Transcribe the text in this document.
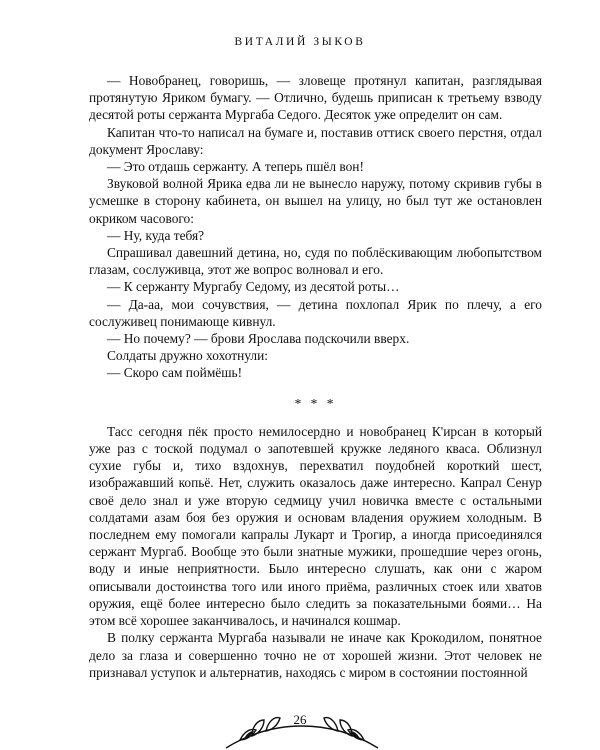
ВИТАЛИЙ ЗЫКОВ

— Новобранец, говоришь, — зловеще протянул капитан, разглядывая протянутую Яриком бумагу. — Отлично, будешь приписан к третьему взводу десятой роты сержанта Мургаба Седого. Десяток уже определит он сам.

Капитан что-то написал на бумаге и, поставив оттиск своего перстня, отдал документ Ярославу:

— Это отдашь сержанту. А теперь пшёл вон!

Звуковой волной Ярика едва ли не вынесло наружу, потому скривив губы в усмешке в сторону кабинета, он вышел на улицу, но был тут же остановлен окриком часового:

— Ну, куда тебя?

Спрашивал давешний детина, но, судя по поблёскивающим любопытством глазам, сослуживца, этот же вопрос волновал и его.

— К сержанту Мургабу Седому, из десятой роты…

— Да-аа, мои сочувствия, — детина похлопал Ярик по плечу, а его сослуживец понимающе кивнул.

— Но почему? — брови Ярослава подскочили вверх.

Солдаты дружно хохотнули:

— Скоро сам поймёшь!

* * *

Тасс сегодня пёк просто немилосердно и новобранец К'ирсан в который уже раз с тоской подумал о запотевшей кружке ледяного кваса. Облизнул сухие губы и, тихо вздохнув, перехватил поудобней короткий шест, изображавший копьё. Нет, служить оказалось даже интересно. Капрал Сенур своё дело знал и уже вторую седмицу учил новичка вместе с остальными солдатами азам боя без оружия и основам владения оружием холодным. В последнем ему помогали капралы Лукарт и Трогир, а иногда присоединялся сержант Мургаб. Вообще это были знатные мужики, прошедшие через огонь, воду и иные неприятности. Было интересно слушать, как они с жаром описывали достоинства того или иного приёма, различных стоек или хватов оружия, ещё более интересно было следить за показательными боями… На этом всё хорошее заканчивалось, и начинался кошмар.

В полку сержанта Мургаба называли не иначе как Крокодилом, понятное дело за глаза и совершенно точно не от хорошей жизни. Этот человек не признавал уступок и альтернатив, находясь с миром в состоянии постоянной

26
